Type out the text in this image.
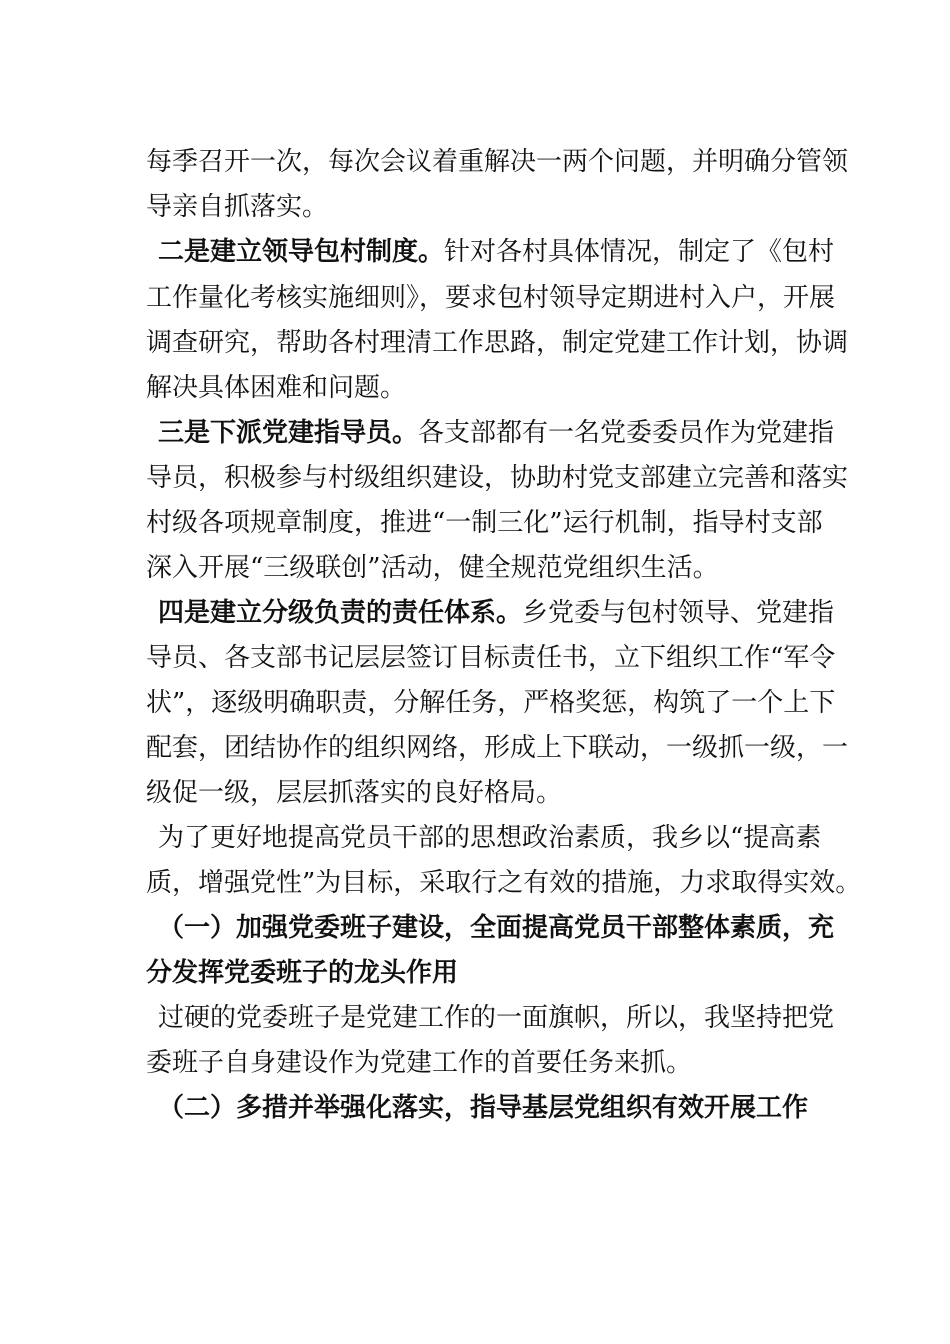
每季召开一次，每次会议着重解决一两个问题，并明确分管领
导亲自抓落实。
二是建立领导包村制度。针对各村具体情况，制定了《包村
工作量化考核实施细则》，要求包村领导定期进村入户，开展
调查研究，帮助各村理清工作思路，制定党建工作计划，协调
解决具体困难和问题。
三是下派党建指导员。各支部都有一名党委委员作为党建指
导员，积极参与村级组织建设，协助村党支部建立完善和落实
村级各项规章制度，推进“一制三化”运行机制，指导村支部
深入开展“三级联创”活动，健全规范党组织生活。
四是建立分级负责的责任体系。乡党委与包村领导、党建指
导员、各支部书记层层签订目标责任书，立下组织工作“军令
状”，逐级明确职责，分解任务，严格奖惩，构筑了一个上下
配套，团结协作的组织网络，形成上下联动，一级抓一级，一
级促一级，层层抓落实的良好格局。
为了更好地提高党员干部的思想政治素质，我乡以“提高素
质，增强党性”为目标，采取行之有效的措施，力求取得实效。
（一）加强党委班子建设，全面提高党员干部整体素质，充
分发挥党委班子的龙头作用
过硬的党委班子是党建工作的一面旗帜，所以，我坚持把党
委班子自身建设作为党建工作的首要任务来抓。
（二）多措并举强化落实，指导基层党组织有效开展工作
